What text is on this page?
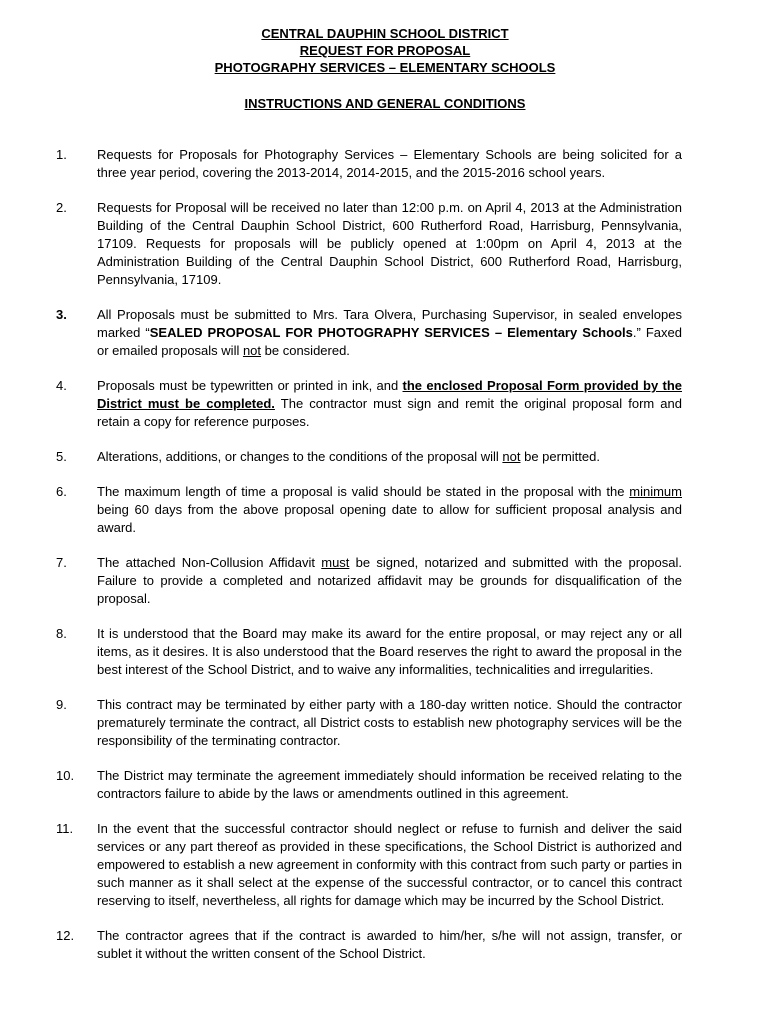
CENTRAL DAUPHIN SCHOOL DISTRICT
REQUEST FOR PROPOSAL
PHOTOGRAPHY SERVICES – ELEMENTARY SCHOOLS
INSTRUCTIONS AND GENERAL CONDITIONS
1. Requests for Proposals for Photography Services – Elementary Schools are being solicited for a three year period, covering the 2013-2014, 2014-2015, and the 2015-2016 school years.
2. Requests for Proposal will be received no later than 12:00 p.m. on April 4, 2013 at the Administration Building of the Central Dauphin School District, 600 Rutherford Road, Harrisburg, Pennsylvania, 17109. Requests for proposals will be publicly opened at 1:00pm on April 4, 2013 at the Administration Building of the Central Dauphin School District, 600 Rutherford Road, Harrisburg, Pennsylvania, 17109.
3. All Proposals must be submitted to Mrs. Tara Olvera, Purchasing Supervisor, in sealed envelopes marked “SEALED PROPOSAL FOR PHOTOGRAPHY SERVICES – Elementary Schools.” Faxed or emailed proposals will not be considered.
4. Proposals must be typewritten or printed in ink, and the enclosed Proposal Form provided by the District must be completed. The contractor must sign and remit the original proposal form and retain a copy for reference purposes.
5. Alterations, additions, or changes to the conditions of the proposal will not be permitted.
6. The maximum length of time a proposal is valid should be stated in the proposal with the minimum being 60 days from the above proposal opening date to allow for sufficient proposal analysis and award.
7. The attached Non-Collusion Affidavit must be signed, notarized and submitted with the proposal. Failure to provide a completed and notarized affidavit may be grounds for disqualification of the proposal.
8. It is understood that the Board may make its award for the entire proposal, or may reject any or all items, as it desires. It is also understood that the Board reserves the right to award the proposal in the best interest of the School District, and to waive any informalities, technicalities and irregularities.
9. This contract may be terminated by either party with a 180-day written notice. Should the contractor prematurely terminate the contract, all District costs to establish new photography services will be the responsibility of the terminating contractor.
10. The District may terminate the agreement immediately should information be received relating to the contractors failure to abide by the laws or amendments outlined in this agreement.
11. In the event that the successful contractor should neglect or refuse to furnish and deliver the said services or any part thereof as provided in these specifications, the School District is authorized and empowered to establish a new agreement in conformity with this contract from such party or parties in such manner as it shall select at the expense of the successful contractor, or to cancel this contract reserving to itself, nevertheless, all rights for damage which may be incurred by the School District.
12. The contractor agrees that if the contract is awarded to him/her, s/he will not assign, transfer, or sublet it without the written consent of the School District.
